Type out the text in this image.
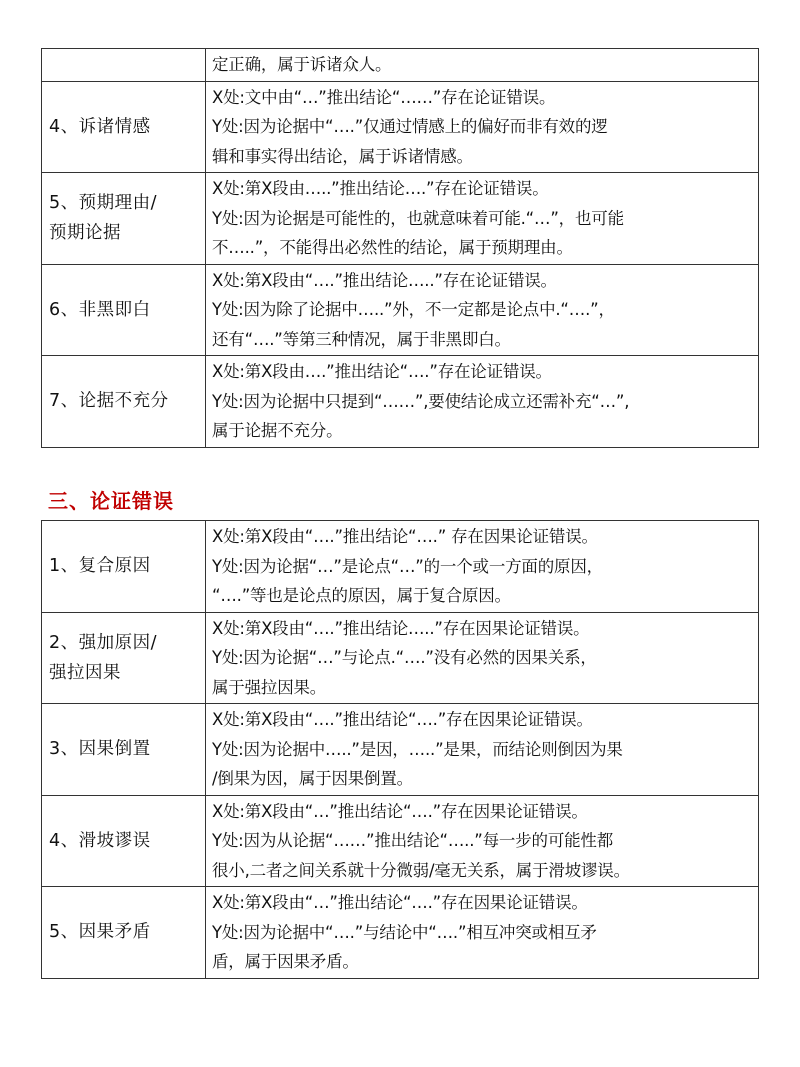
	定正确，属于诉诸众人。

4、诉诸情感	X处:文中由“…”推出结论“……”存在论证错误。
Y处:因为论据中“….”仅通过情感上的偏好而非有效的逻
辑和事实得出结论，属于诉诸情感。

5、预期理由/
预期论据	X处:第X段由…..”推出结论….”存在论证错误。
Y处:因为论据是可能性的，也就意味着可能.“…”，也可能
不…..”，不能得出必然性的结论，属于预期理由。

6、非黑即白	X处:第X段由“….”推出结论…..”存在论证错误。
Y处:因为除了论据中…..”外，不一定都是论点中.“….”，
还有“….”等第三种情况，属于非黑即白。

7、论据不充分	X处:第X段由….”推出结论“….”存在论证错误。
Y处:因为论据中只提到“……”,要使结论成立还需补充“…”,
属于论据不充分。
三、论证错误
1、复合原因	X处:第X段由“….”推出结论“….” 存在因果论证错误。
Y处:因为论据“…”是论点“…”的一个或一方面的原因，
“….”等也是论点的原因，属于复合原因。

2、强加原因/
强拉因果	X处:第X段由“….”推出结论…..”存在因果论证错误。
Y处:因为论据“…”与论点.“….”没有必然的因果关系，
属于强拉因果。

3、因果倒置	X处:第X段由“….”推出结论“….”存在因果论证错误。
Y处:因为论据中…..”是因，…..”是果，而结论则倒因为果
/倒果为因，属于因果倒置。

4、滑坡谬误	X处:第X段由“…”推出结论“….”存在因果论证错误。
Y处:因为从论据“……”推出结论“…..”每一步的可能性都
很小,二者之间关系就十分微弱/毫无关系，属于滑坡谬误。

5、因果矛盾	X处:第X段由“…”推出结论“….”存在因果论证错误。
Y处:因为论据中“….”与结论中“….”相互冲突或相互矛
盾，属于因果矛盾。
